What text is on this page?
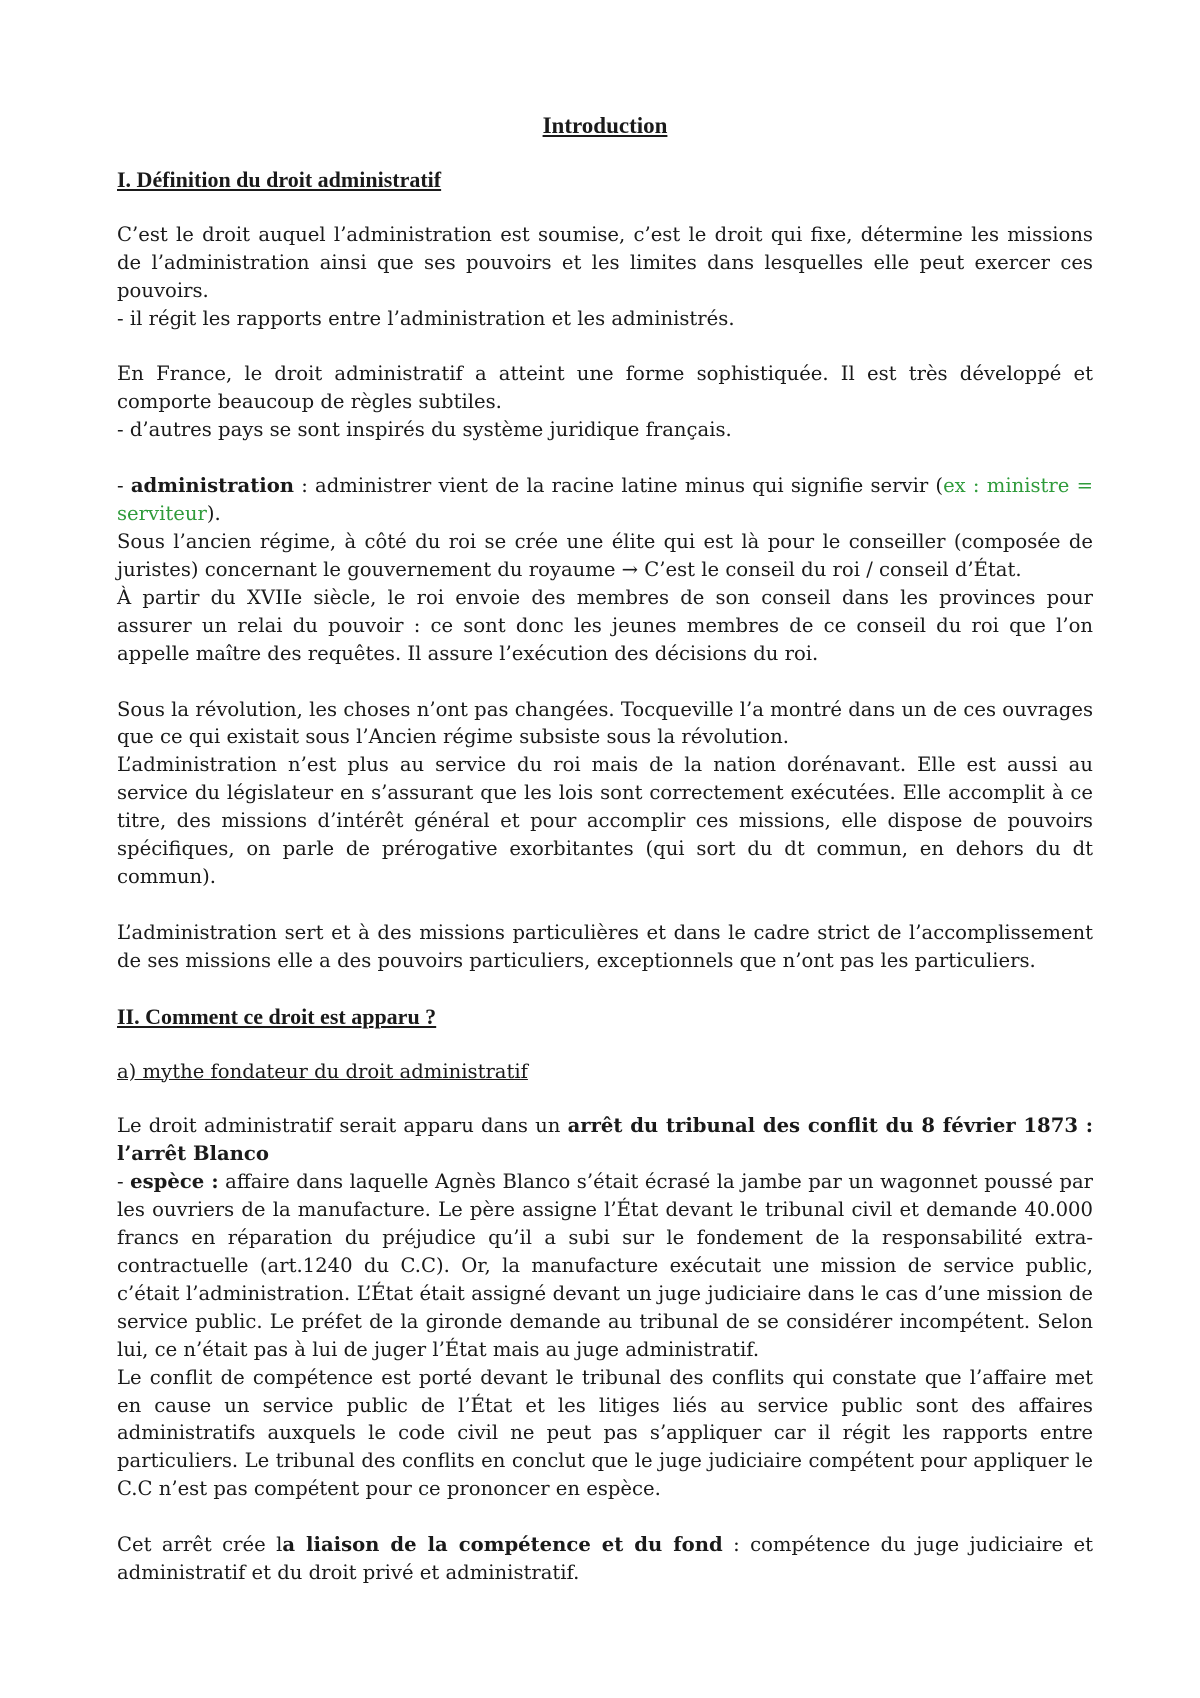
Introduction
I. Définition du droit administratif

C’est le droit auquel l’administration est soumise, c’est le droit qui fixe, détermine les missions de l’administration ainsi que ses pouvoirs et les limites dans lesquelles elle peut exercer ces pouvoirs.

- il régit les rapports entre l’administration et les administrés.

En France, le droit administratif a atteint une forme sophistiquée. Il est très développé et comporte beaucoup de règles subtiles.

- d’autres pays se sont inspirés du système juridique français.

- administration : administrer vient de la racine latine minus qui signifie servir (ex : ministre = serviteur).

Sous l’ancien régime, à côté du roi se crée une élite qui est là pour le conseiller (composée de juristes) concernant le gouvernement du royaume → C’est le conseil du roi / conseil d’État.

À partir du XVIIe siècle, le roi envoie des membres de son conseil dans les provinces pour assurer un relai du pouvoir : ce sont donc les jeunes membres de ce conseil du roi que l’on appelle maître des requêtes. Il assure l’exécution des décisions du roi.

Sous la révolution, les choses n’ont pas changées. Tocqueville l’a montré dans un de ces ouvrages que ce qui existait sous l’Ancien régime subsiste sous la révolution.

L’administration n’est plus au service du roi mais de la nation dorénavant. Elle est aussi au service du législateur en s’assurant que les lois sont correctement exécutées. Elle accomplit à ce titre, des missions d’intérêt général et pour accomplir ces missions, elle dispose de pouvoirs spécifiques, on parle de prérogative exorbitantes (qui sort du dt commun, en dehors du dt commun).

L’administration sert et à des missions particulières et dans le cadre strict de l’accomplissement de ses missions elle a des pouvoirs particuliers, exceptionnels que n’ont pas les particuliers.

II. Comment ce droit est apparu ?
a) mythe fondateur du droit administratif

Le droit administratif serait apparu dans un arrêt du tribunal des conflit du 8 février 1873 : l’arrêt Blanco

- espèce : affaire dans laquelle Agnès Blanco s’était écrasé la jambe par un wagonnet poussé par les ouvriers de la manufacture. Le père assigne l’État devant le tribunal civil et demande 40.000 francs en réparation du préjudice qu’il a subi sur le fondement de la responsabilité extra-contractuelle (art.1240 du C.C). Or, la manufacture exécutait une mission de service public, c’était l’administration. L’État était assigné devant un juge judiciaire dans le cas d’une mission de service public. Le préfet de la gironde demande au tribunal de se considérer incompétent. Selon lui, ce n’était pas à lui de juger l’État mais au juge administratif.

Le conflit de compétence est porté devant le tribunal des conflits qui constate que l’affaire met en cause un service public de l’État et les litiges liés au service public sont des affaires administratifs auxquels le code civil ne peut pas s’appliquer car il régit les rapports entre particuliers. Le tribunal des conflits en conclut que le juge judiciaire compétent pour appliquer le C.C n’est pas compétent pour ce prononcer en espèce.

Cet arrêt crée la liaison de la compétence et du fond : compétence du juge judiciaire et administratif et du droit privé et administratif.
